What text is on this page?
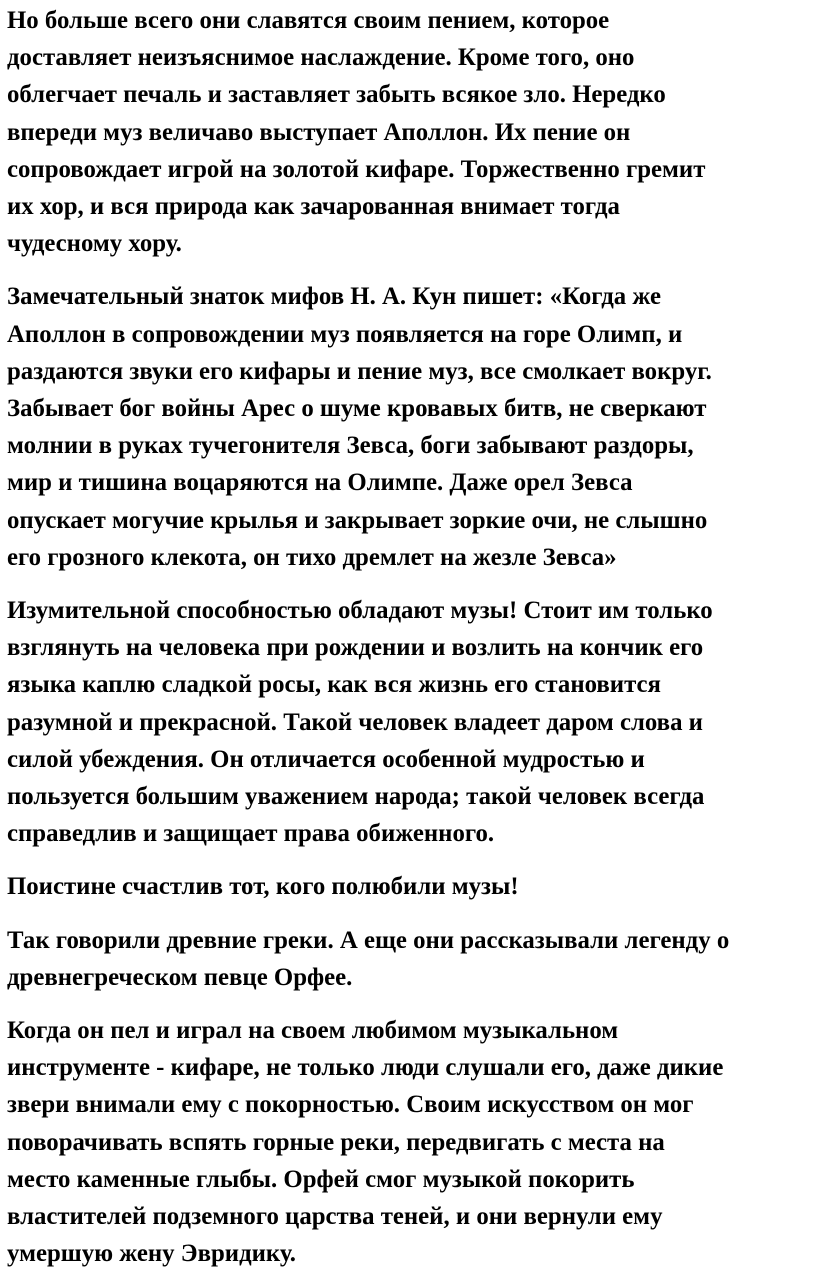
Но больше всего они славятся своим пением, которое
доставляет неизъяснимое наслаждение. Кроме того, оно
облегчает печаль и заставляет забыть всякое зло. Нередко
впереди муз величаво выступает Аполлон. Их пение он
сопровождает игрой на золотой кифаре. Торжественно гремит
их хор, и вся природа как зачарованная внимает тогда
чудесному хору.

Замечательный знаток мифов Н. А. Кун пишет: «Когда же
Аполлон в сопровождении муз появляется на горе Олимп, и
раздаются звуки его кифары и пение муз, все смолкает вокруг.
Забывает бог войны Арес о шуме кровавых битв, не сверкают
молнии в руках тучегонителя Зевса, боги забывают раздоры,
мир и тишина воцаряются на Олимпе. Даже орел Зевса
опускает могучие крылья и закрывает зоркие очи, не слышно
его грозного клекота, он тихо дремлет на жезле Зевса»

Изумительной способностью обладают музы! Стоит им только
взглянуть на человека при рождении и возлить на кончик его
языка каплю сладкой росы, как вся жизнь его становится
разумной и прекрасной. Такой человек владеет даром слова и
силой убеждения. Он отличается особенной мудростью и
пользуется большим уважением народа; такой человек всегда
справедлив и защищает права обиженного.

Поистине счастлив тот, кого полюбили музы!

Так говорили древние греки. А еще они рассказывали легенду о
древнегреческом певце Орфее.

Когда он пел и играл на своем любимом музыкальном
инструменте - кифаре, не только люди слушали его, даже дикие
звери внимали ему с покорностью. Своим искусством он мог
поворачивать вспять горные реки, передвигать с места на
место каменные глыбы. Орфей смог музыкой покорить
властителей подземного царства теней, и они вернули ему
умершую жену Эвридику.
